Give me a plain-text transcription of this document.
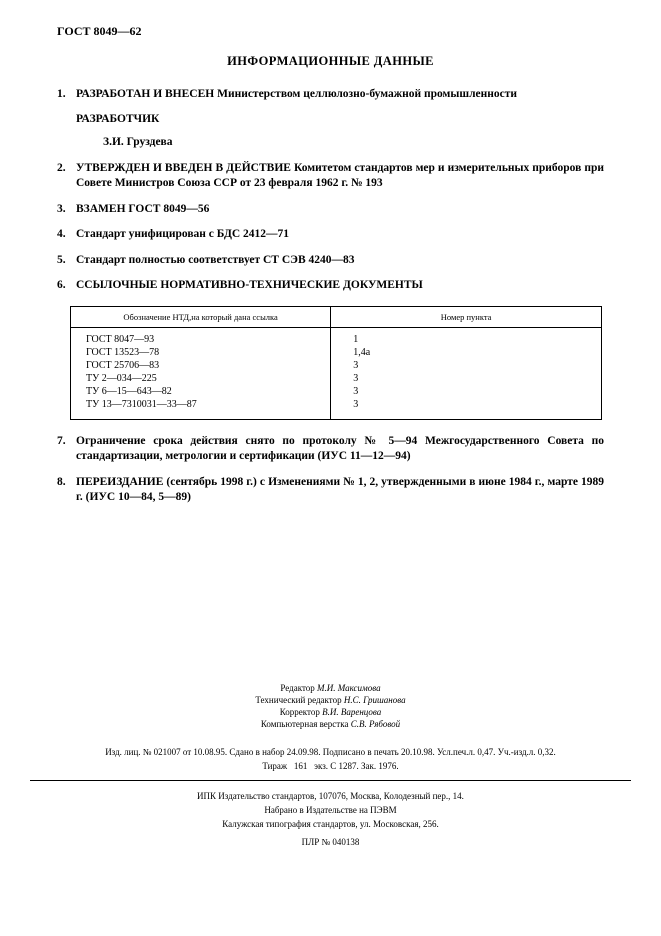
ГОСТ 8049—62
ИНФОРМАЦИОННЫЕ ДАННЫЕ

1. РАЗРАБОТАН И ВНЕСЕН Министерством целлюлозно-бумажной промышленности

РАЗРАБОТЧИК

З.И. Груздева

2. УТВЕРЖДЕН И ВВЕДЕН В ДЕЙСТВИЕ Комитетом стандартов мер и измерительных приборов при Совете Министров Союза ССР от 23 февраля 1962 г. № 193

3. ВЗАМЕН ГОСТ 8049—56

4. Стандарт унифицирован с БДС 2412—71

5. Стандарт полностью соответствует СТ СЭВ 4240—83

6. ССЫЛОЧНЫЕ НОРМАТИВНО-ТЕХНИЧЕСКИЕ ДОКУМЕНТЫ

Обозначение НТД,на который дана ссылка	Номер пункта
ГОСТ 8047—93	1
ГОСТ 13523—78	1,4а
ГОСТ 25706—83	3
ТУ 2—034—225	3
ТУ 6—15—643—82	3
ТУ 13—7310031—33—87	3

7. Ограничение срока действия снято по протоколу № 5—94 Межгосударственного Совета по стандартизации, метрологии и сертификации (ИУС 11—12—94)

8. ПЕРЕИЗДАНИЕ (сентябрь 1998 г.) с Изменениями № 1, 2, утвержденными в июне 1984 г., марте 1989 г. (ИУС 10—84, 5—89)

Редактор М.И. Максимова
Технический редактор Н.С. Гришанова
Корректор В.И. Варенцова
Компьютерная верстка С.В. Рябовой
Изд. лиц. № 021007 от 10.08.95. Сдано в набор 24.09.98. Подписано в печать 20.10.98. Усл.печ.л. 0,47. Уч.-изд.л. 0,32.
Тираж   161   экз. С 1287. Зак. 1976.
ИПК Издательство стандартов, 107076, Москва, Колодезный пер., 14.
Набрано в Издательстве на ПЭВМ
Калужская типография стандартов, ул. Московская, 256.
ПЛР № 040138
